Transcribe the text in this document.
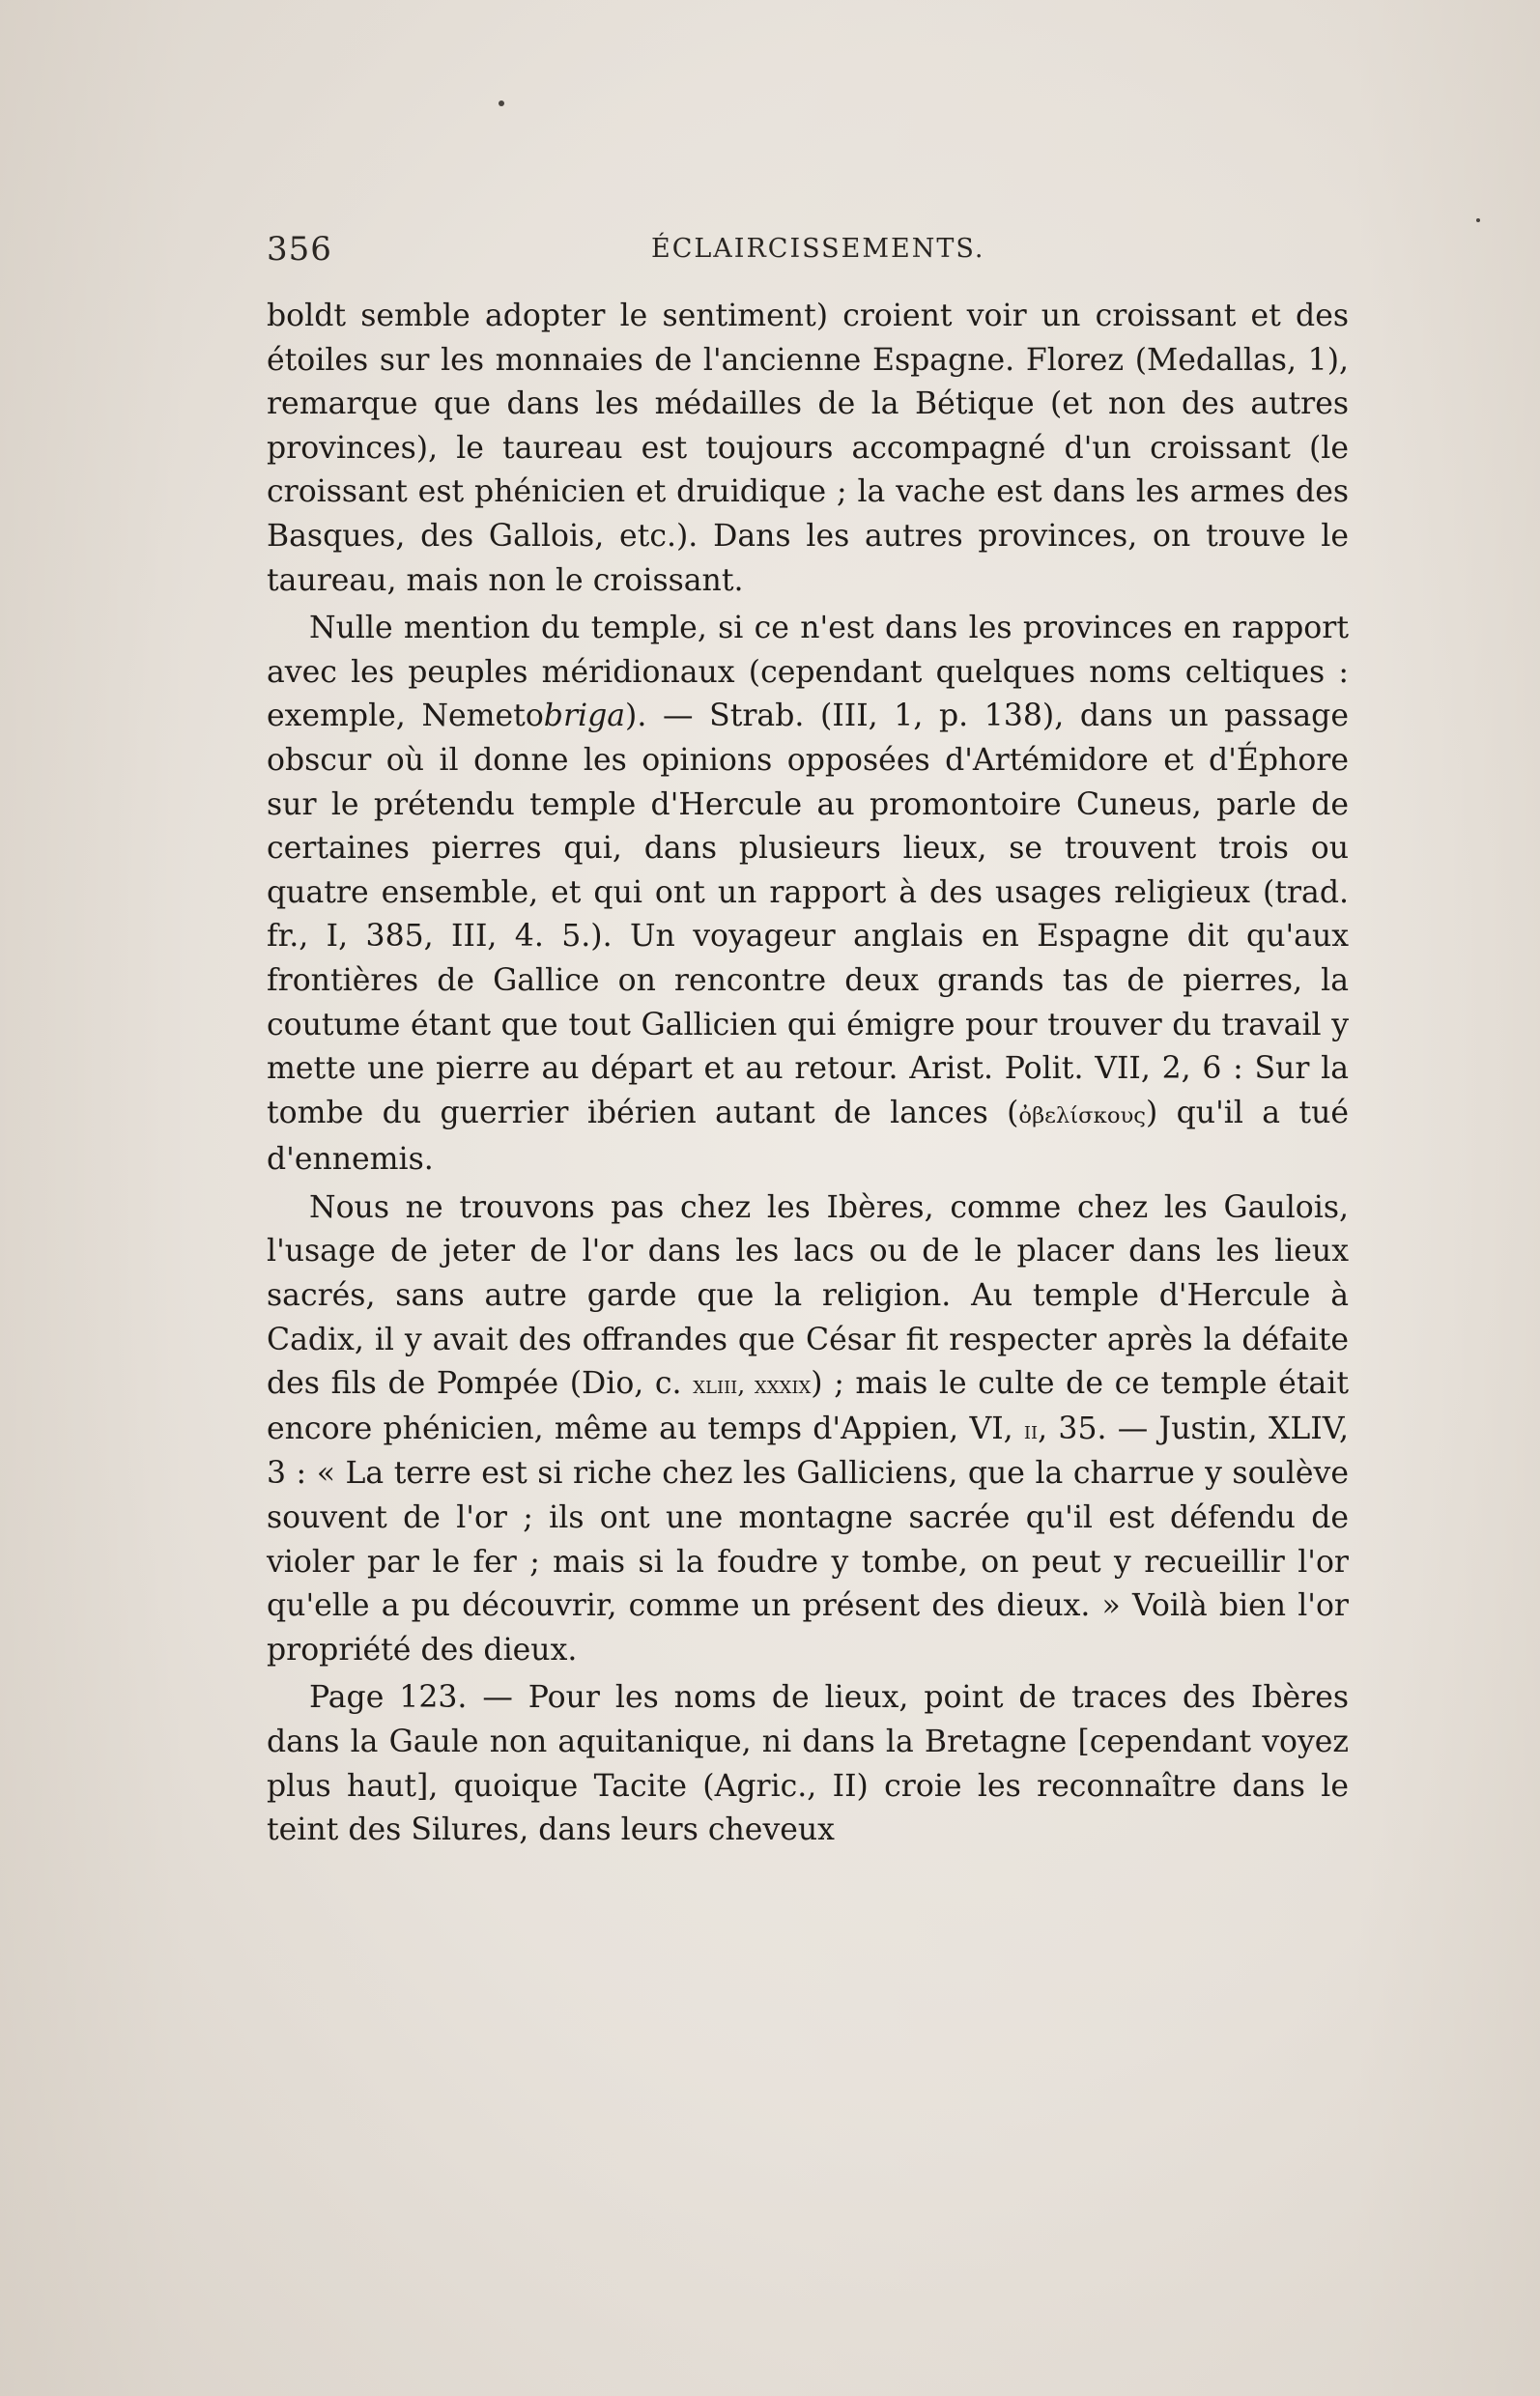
356	ÉCLAIRCISSEMENTS.

boldt semble adopter le sentiment) croient voir un croissant et des étoiles sur les monnaies de l'ancienne Espagne. Florez (Medallas, 1), remarque que dans les médailles de la Bétique (et non des autres provinces), le taureau est toujours accompagné d'un croissant (le croissant est phénicien et druidique ; la vache est dans les armes des Basques, des Gallois, etc.). Dans les autres provinces, on trouve le taureau, mais non le croissant.

Nulle mention du temple, si ce n'est dans les provinces en rapport avec les peuples méridionaux (cependant quelques noms celtiques : exemple, Nemetobriga). — Strab. (III, 1, p. 138), dans un passage obscur où il donne les opinions opposées d'Artémidore et d'Éphore sur le prétendu temple d'Hercule au promontoire Cuneus, parle de certaines pierres qui, dans plusieurs lieux, se trouvent trois ou quatre ensemble, et qui ont un rapport à des usages religieux (trad. fr., I, 385, III, 4. 5.). Un voyageur anglais en Espagne dit qu'aux frontières de Gallice on rencontre deux grands tas de pierres, la coutume étant que tout Gallicien qui émigre pour trouver du travail y mette une pierre au départ et au retour. Arist. Polit. VII, 2, 6 : Sur la tombe du guerrier ibérien autant de lances (ὀβελίσκους) qu'il a tué d'ennemis.

Nous ne trouvons pas chez les Ibères, comme chez les Gaulois, l'usage de jeter de l'or dans les lacs ou de le placer dans les lieux sacrés, sans autre garde que la religion. Au temple d'Hercule à Cadix, il y avait des offrandes que César fit respecter après la défaite des fils de Pompée (Dio, c. xliii, xxxix) ; mais le culte de ce temple était encore phénicien, même au temps d'Appien, VI, ii, 35. — Justin, XLIV, 3 : « La terre est si riche chez les Galliciens, que la charrue y soulève souvent de l'or ; ils ont une montagne sacrée qu'il est défendu de violer par le fer ; mais si la foudre y tombe, on peut y recueillir l'or qu'elle a pu découvrir, comme un présent des dieux. » Voilà bien l'or propriété des dieux.

Page 123. — Pour les noms de lieux, point de traces des Ibères dans la Gaule non aquitanique, ni dans la Bretagne [cependant voyez plus haut], quoique Tacite (Agric., II) croie les reconnaître dans le teint des Silures, dans leurs cheveux
